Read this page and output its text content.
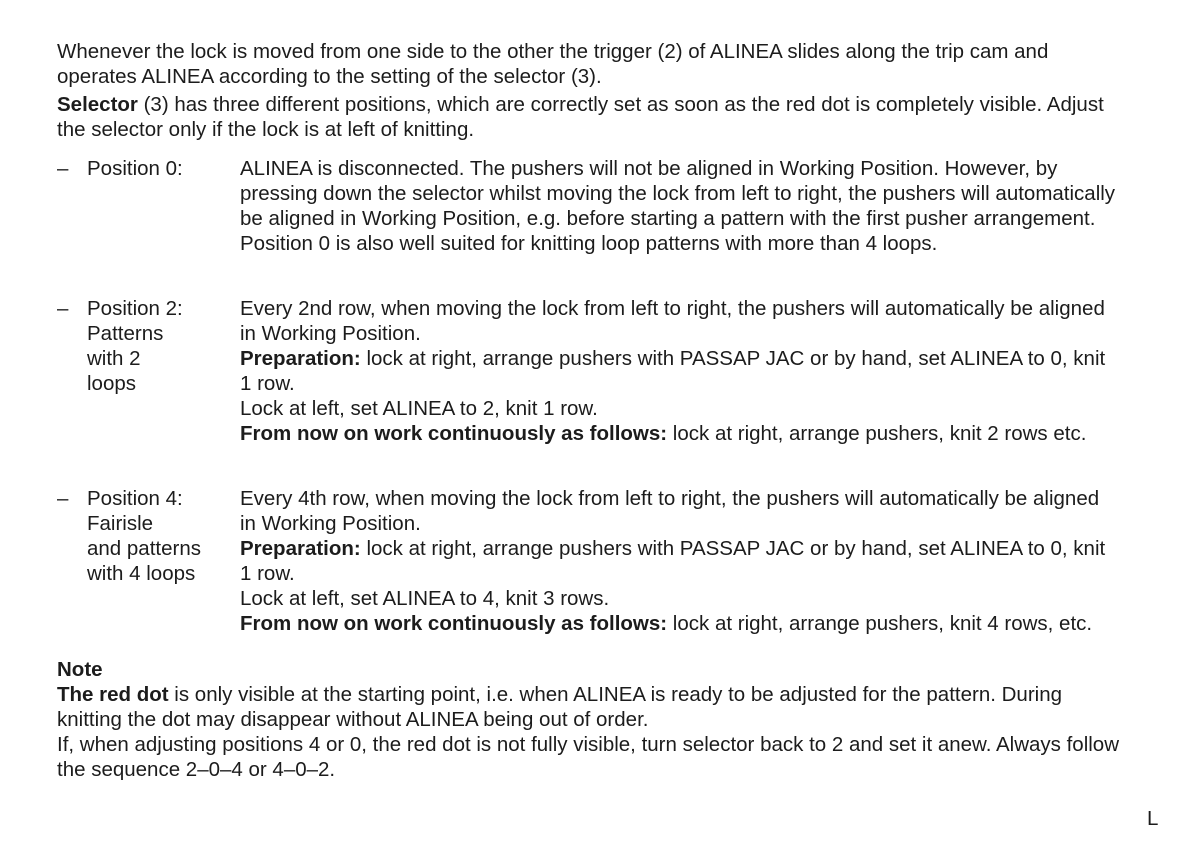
Whenever the lock is moved from one side to the other the trigger (2) of ALINEA slides along the trip cam and operates ALINEA according to the setting of the selector (3).

Selector (3) has three different positions, which are correctly set as soon as the red dot is completely visible. Adjust the selector only if the lock is at left of knitting.

– Position 0:	ALINEA is disconnected. The pushers will not be aligned in Working Position. However, by pressing down the selector whilst moving the lock from left to right, the pushers will automatically be aligned in Working Position, e.g. before starting a pattern with the first pusher arrangement.
Position 0 is also well suited for knitting loop patterns with more than 4 loops.
– Position 2:
Patterns
with 2
loops
Every 2nd row, when moving the lock from left to right, the pushers will automatically be aligned in Working Position.
Preparation: lock at right, arrange pushers with PASSAP JAC or by hand, set ALINEA to 0, knit 1 row.
Lock at left, set ALINEA to 2, knit 1 row.
From now on work continuously as follows: lock at right, arrange pushers, knit 2 rows etc.
– Position 4:
Fairisle
and patterns
with 4 loops
Every 4th row, when moving the lock from left to right, the pushers will automatically be aligned in Working Position.
Preparation: lock at right, arrange pushers with PASSAP JAC or by hand, set ALINEA to 0, knit 1 row.
Lock at left, set ALINEA to 4, knit 3 rows.
From now on work continuously as follows: lock at right, arrange pushers, knit 4 rows, etc.
Note
The red dot is only visible at the starting point, i.e. when ALINEA is ready to be adjusted for the pattern. During knitting the dot may disappear without ALINEA being out of order.
If, when adjusting positions 4 or 0, the red dot is not fully visible, turn selector back to 2 and set it anew. Always follow the sequence 2–0–4 or 4–0–2.
L
